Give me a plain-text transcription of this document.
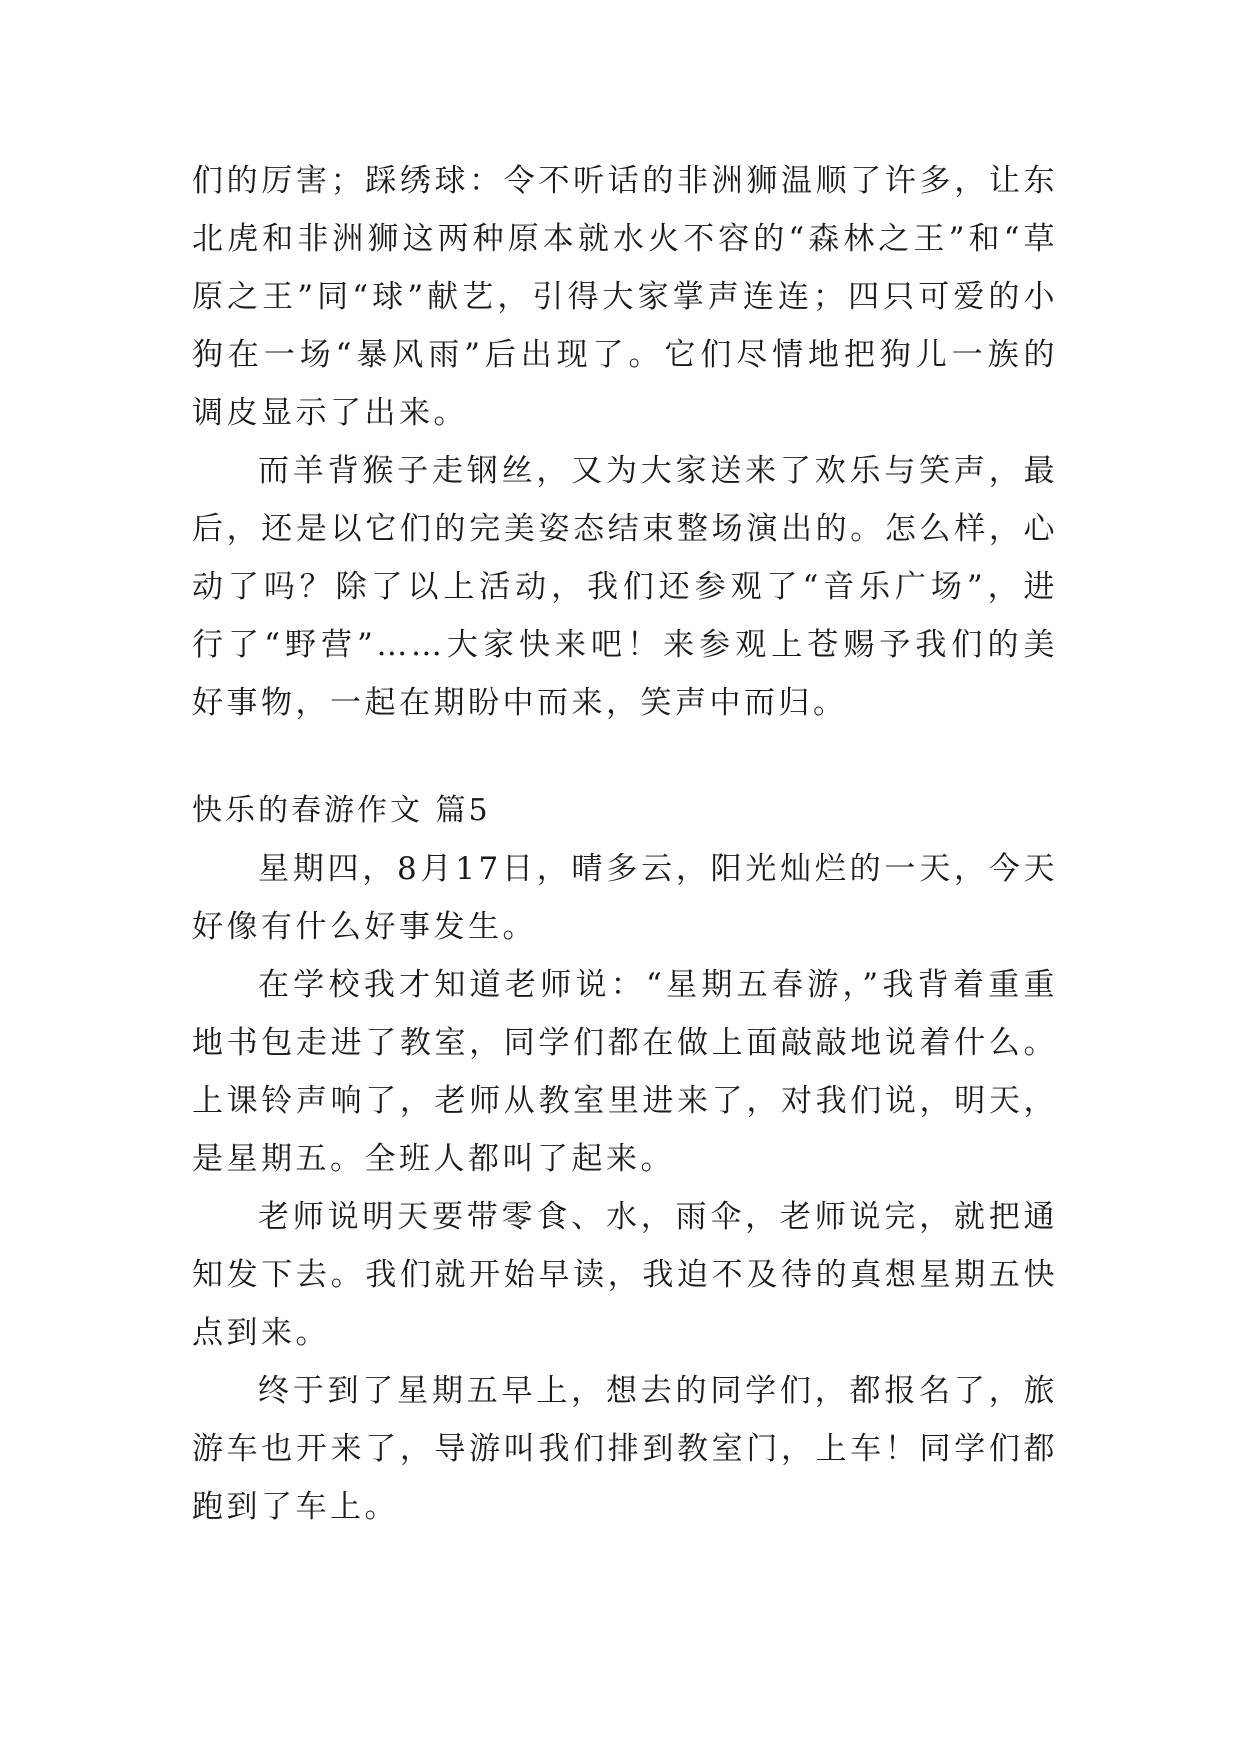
们的厉害；踩绣球：令不听话的非洲狮温顺了许多，让东北虎和非洲狮这两种原本就水火不容的“森林之王”和“草原之王”同“球”献艺，引得大家掌声连连；四只可爱的小狗在一场“暴风雨”后出现了。它们尽情地把狗儿一族的调皮显示了出来。

而羊背猴子走钢丝，又为大家送来了欢乐与笑声，最后，还是以它们的完美姿态结束整场演出的。怎么样，心动了吗？除了以上活动，我们还参观了“音乐广场”，进行了“野营”……大家快来吧！来参观上苍赐予我们的美好事物，一起在期盼中而来，笑声中而归。

快乐的春游作文 篇5

星期四，8月17日，晴多云，阳光灿烂的一天，今天好像有什么好事发生。

在学校我才知道老师说：“星期五春游，”我背着重重地书包走进了教室，同学们都在做上面敲敲地说着什么。上课铃声响了，老师从教室里进来了，对我们说，明天，是星期五。全班人都叫了起来。

老师说明天要带零食、水，雨伞，老师说完，就把通知发下去。我们就开始早读，我迫不及待的真想星期五快点到来。

终于到了星期五早上，想去的同学们，都报名了，旅游车也开来了，导游叫我们排到教室门，上车！同学们都跑到了车上。
